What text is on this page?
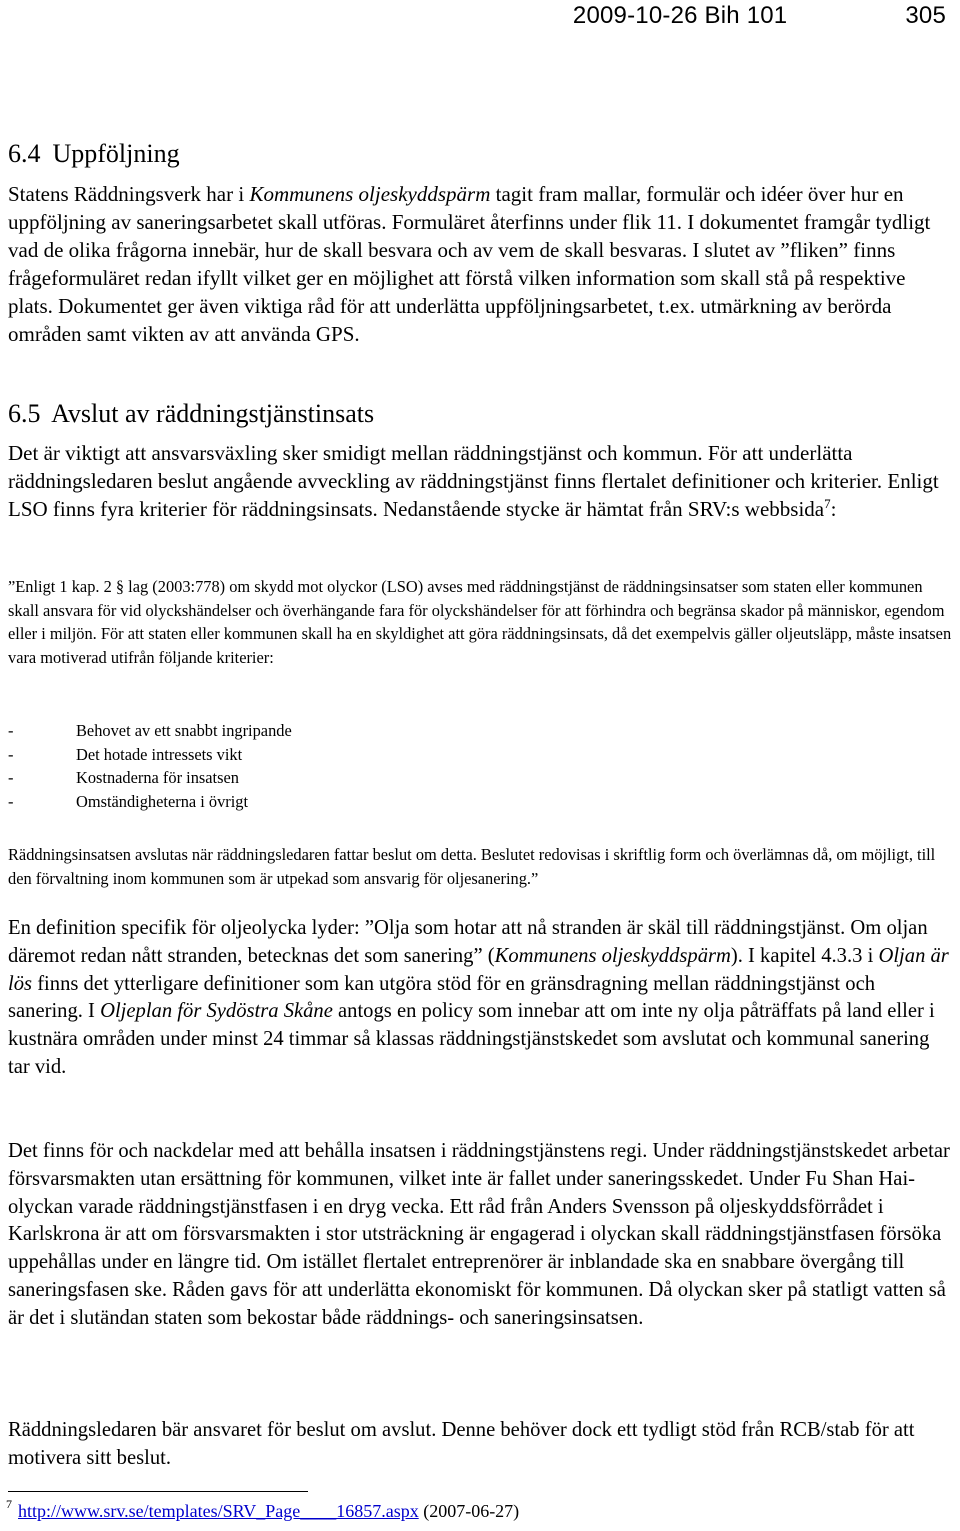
2009-10-26 Bih 101	305
6.4 Uppföljning

Statens Räddningsverk har i Kommunens oljeskyddspärm tagit fram mallar, formulär och idéer över hur en uppföljning av saneringsarbetet skall utföras. Formuläret återfinns under flik 11. I dokumentet framgår tydligt vad de olika frågorna innebär, hur de skall besvara och av vem de skall besvaras. I slutet av ”fliken” finns frågeformuläret redan ifyllt vilket ger en möjlighet att förstå vilken information som skall stå på respektive plats. Dokumentet ger även viktiga råd för att underlätta uppföljningsarbetet, t.ex. utmärkning av berörda områden samt vikten av att använda GPS.

6.5 Avslut av räddningstjänstinsats

Det är viktigt att ansvarsväxling sker smidigt mellan räddningstjänst och kommun. För att underlätta räddningsledaren beslut angående avveckling av räddningstjänst finns flertalet definitioner och kriterier. Enligt LSO finns fyra kriterier för räddningsinsats. Nedanstående stycke är hämtat från SRV:s webbsida$^7$:

”Enligt 1 kap. 2 § lag (2003:778) om skydd mot olyckor (LSO) avses med räddningstjänst de räddningsinsatser som staten eller kommunen skall ansvara för vid olyckshändelser och överhängande fara för olyckshändelser för att förhindra och begränsa skador på människor, egendom eller i miljön. För att staten eller kommunen skall ha en skyldighet att göra räddningsinsats, då det exempelvis gäller oljeutsläpp, måste insatsen vara motiverad utifrån följande kriterier:

-	Behovet av ett snabbt ingripande
-	Det hotade intressets vikt
-	Kostnaderna för insatsen
-	Omständigheterna i övrigt

Räddningsinsatsen avslutas när räddningsledaren fattar beslut om detta. Beslutet redovisas i skriftlig form och överlämnas då, om möjligt, till den förvaltning inom kommunen som är utpekad som ansvarig för oljesanering.”

En definition specifik för oljeolycka lyder: ”Olja som hotar att nå stranden är skäl till räddningstjänst. Om oljan däremot redan nått stranden, betecknas det som sanering” (Kommunens oljeskyddspärm). I kapitel 4.3.3 i Oljan är lös finns det ytterligare definitioner som kan utgöra stöd för en gränsdragning mellan räddningstjänst och sanering. I Oljeplan för Sydöstra Skåne antogs en policy som innebar att om inte ny olja påträffats på land eller i kustnära områden under minst 24 timmar så klassas räddningstjänstskedet som avslutat och kommunal sanering tar vid.

Det finns för och nackdelar med att behålla insatsen i räddningstjänstens regi. Under räddningstjänstskedet arbetar försvarsmakten utan ersättning för kommunen, vilket inte är fallet under saneringsskedet. Under Fu Shan Hai-olyckan varade räddningstjänstfasen i en dryg vecka. Ett råd från Anders Svensson på oljeskyddsförrådet i Karlskrona är att om försvarsmakten i stor utsträckning är engagerad i olyckan skall räddningstjänstfasen försöka uppehållas under en längre tid. Om istället flertalet entreprenörer är inblandade ska en snabbare övergång till saneringsfasen ske. Råden gavs för att underlätta ekonomiskt för kommunen. Då olyckan sker på statligt vatten så är det i slutändan staten som bekostar både räddnings- och saneringsinsatsen.

Räddningsledaren bär ansvaret för beslut om avslut. Denne behöver dock ett tydligt stöd från RCB/stab för att motivera sitt beslut.

$^7$ http://www.srv.se/templates/SRV_Page____16857.aspx (2007-06-27)
